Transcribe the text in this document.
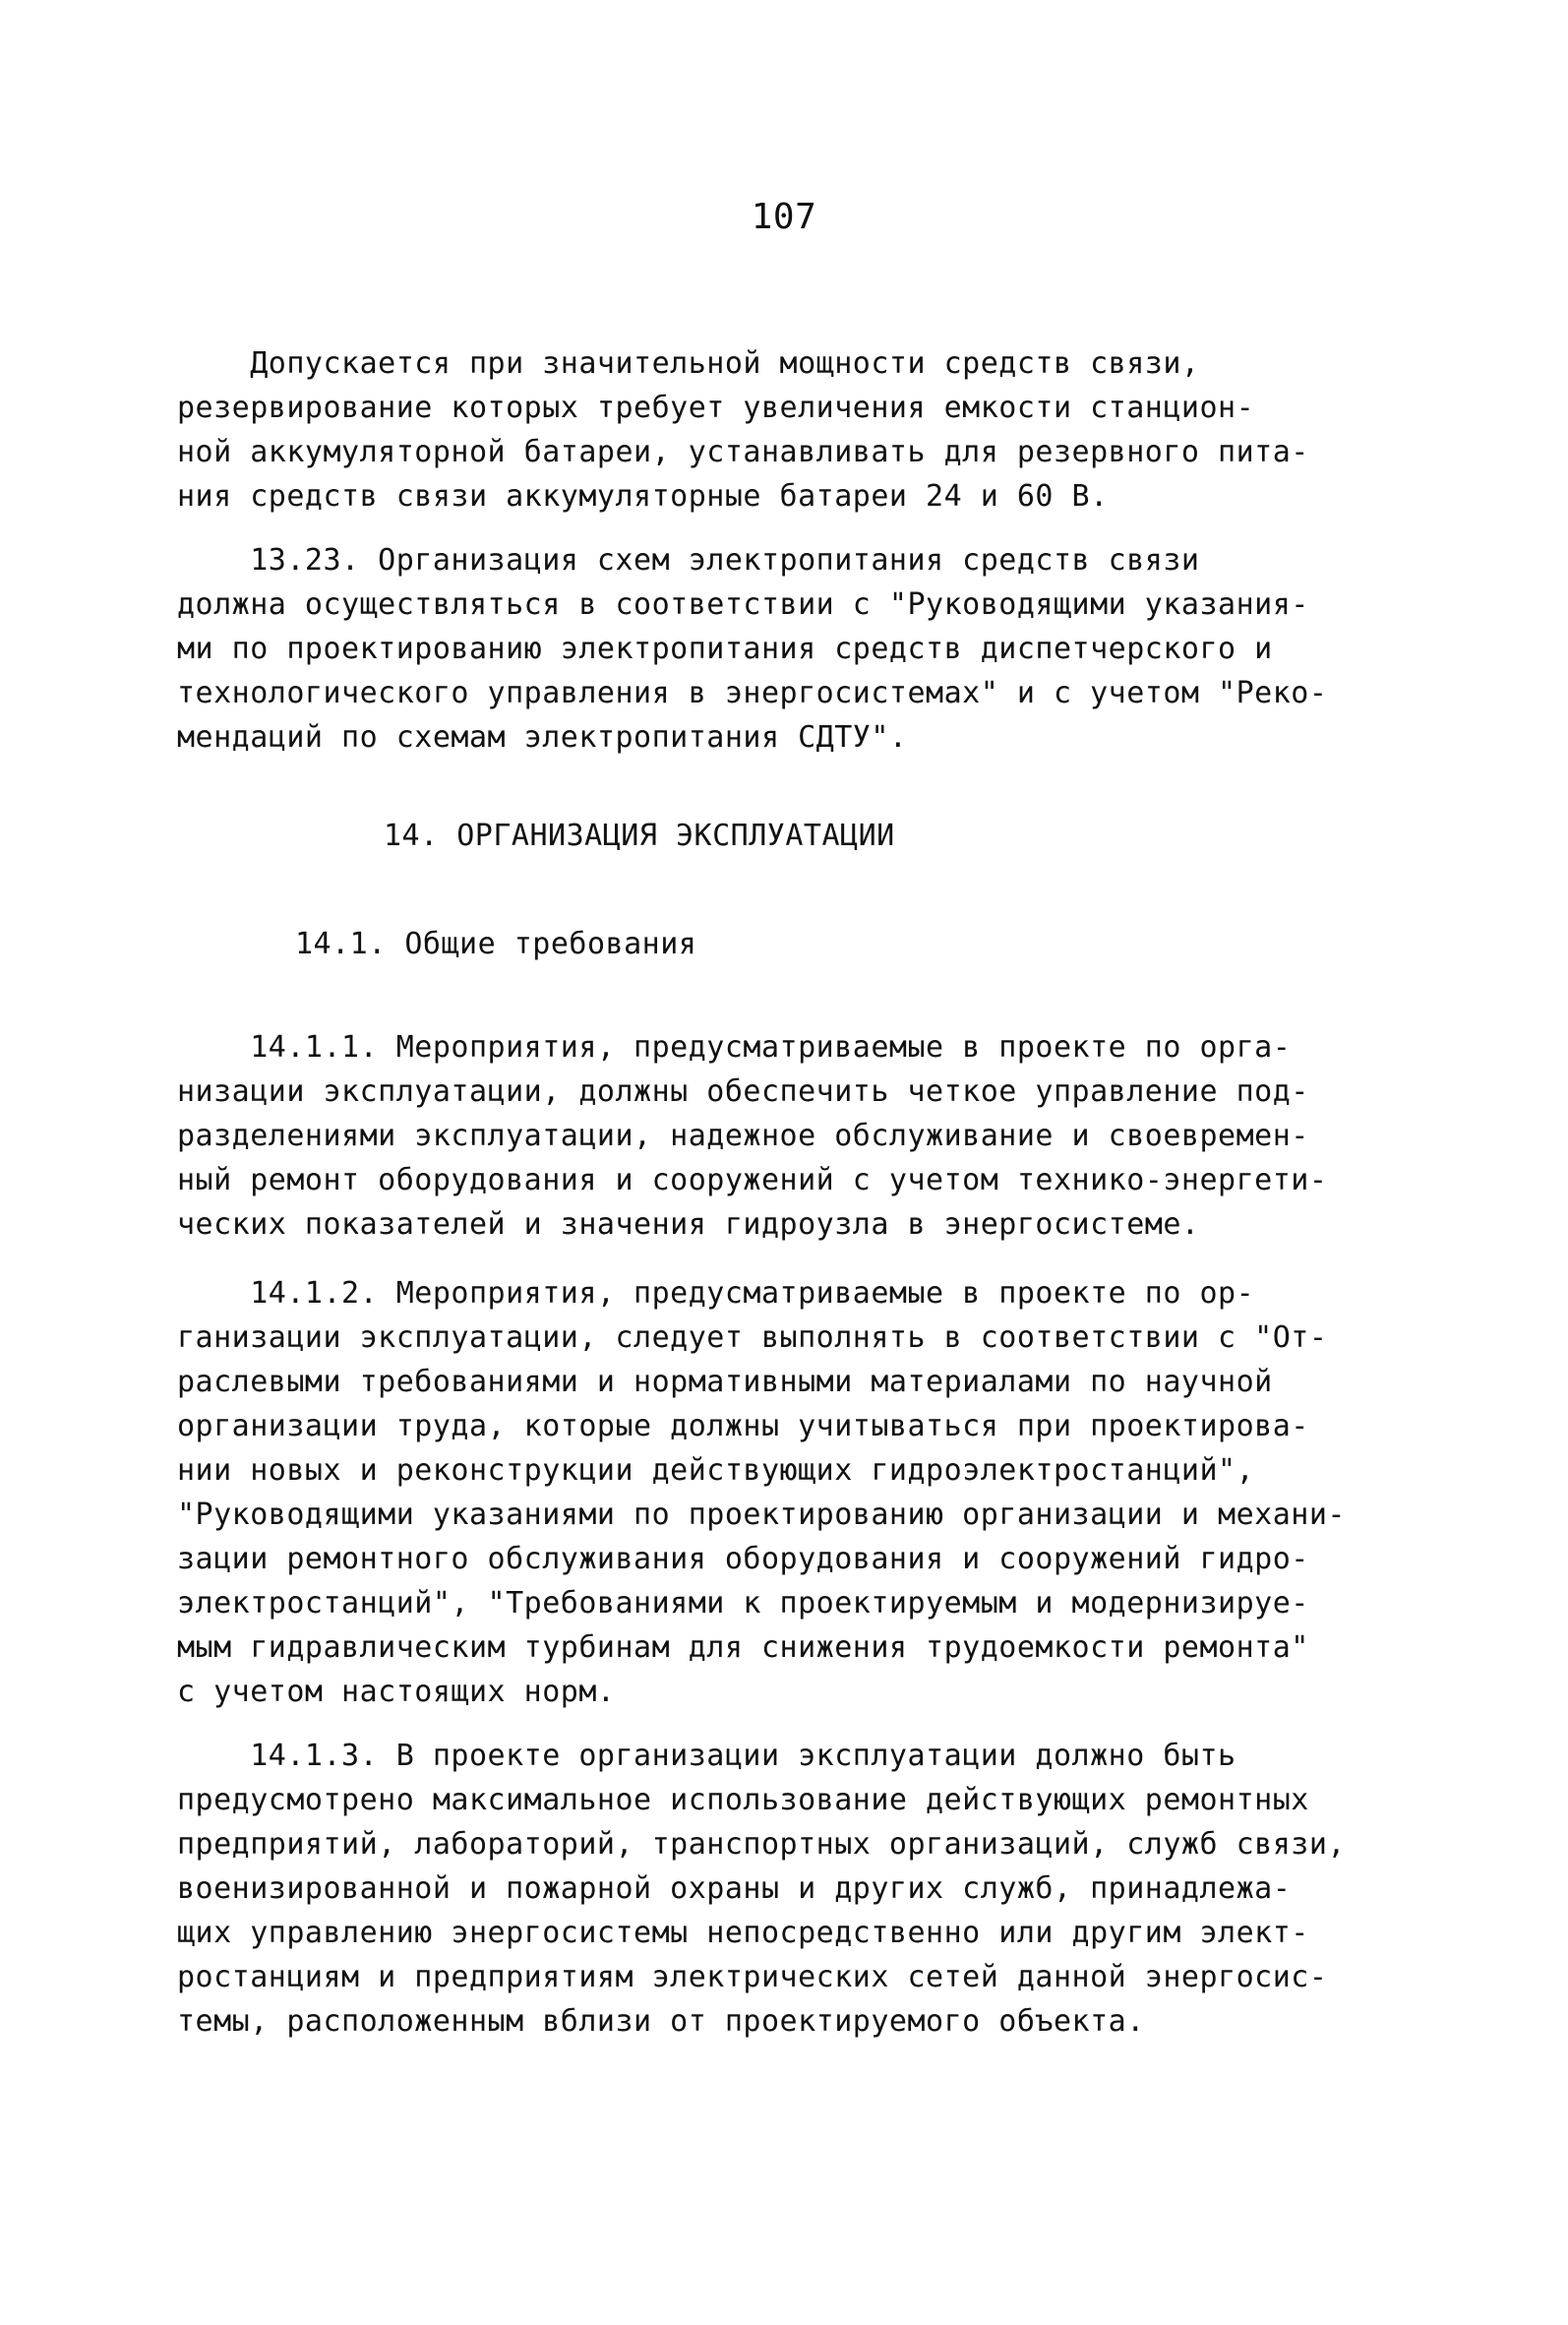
107
Допускается при значительной мощности средств связи,
резервирование которых требует увеличения емкости станцион-
ной аккумуляторной батареи, устанавливать для резервного пита-
ния средств связи аккумуляторные батареи 24 и 60 В.
13.23. Организация схем электропитания средств связи
должна осуществляться в соответствии с "Руководящими указания-
ми по проектированию электропитания средств диспетчерского и
технологического управления в энергосистемах" и с учетом "Реко-
мендаций по схемам электропитания СДТУ".
14. ОРГАНИЗАЦИЯ ЭКСПЛУАТАЦИИ
14.1. Общие требования
14.1.1. Мероприятия, предусматриваемые в проекте по орга-
низации эксплуатации, должны обеспечить четкое управление под-
разделениями эксплуатации, надежное обслуживание и своевремен-
ный ремонт оборудования и сооружений с учетом технико-энергети-
ческих показателей и значения гидроузла в энергосистеме.
14.1.2. Мероприятия, предусматриваемые в проекте по ор-
ганизации эксплуатации, следует выполнять в соответствии с "От-
раслевыми требованиями и нормативными материалами по научной
организации труда, которые должны учитываться при проектирова-
нии новых и реконструкции действующих гидроэлектростанций",
"Руководящими указаниями по проектированию организации и механи-
зации ремонтного обслуживания оборудования и сооружений гидро-
электростанций", "Требованиями к проектируемым и модернизируе-
мым гидравлическим турбинам для снижения трудоемкости ремонта"
с учетом настоящих норм.
14.1.3. В проекте организации эксплуатации должно быть
предусмотрено максимальное использование действующих ремонтных
предприятий, лабораторий, транспортных организаций, служб связи,
военизированной и пожарной охраны и других служб, принадлежа-
щих управлению энергосистемы непосредственно или другим элект-
ростанциям и предприятиям электрических сетей данной энергосис-
темы, расположенным вблизи от проектируемого объекта.
